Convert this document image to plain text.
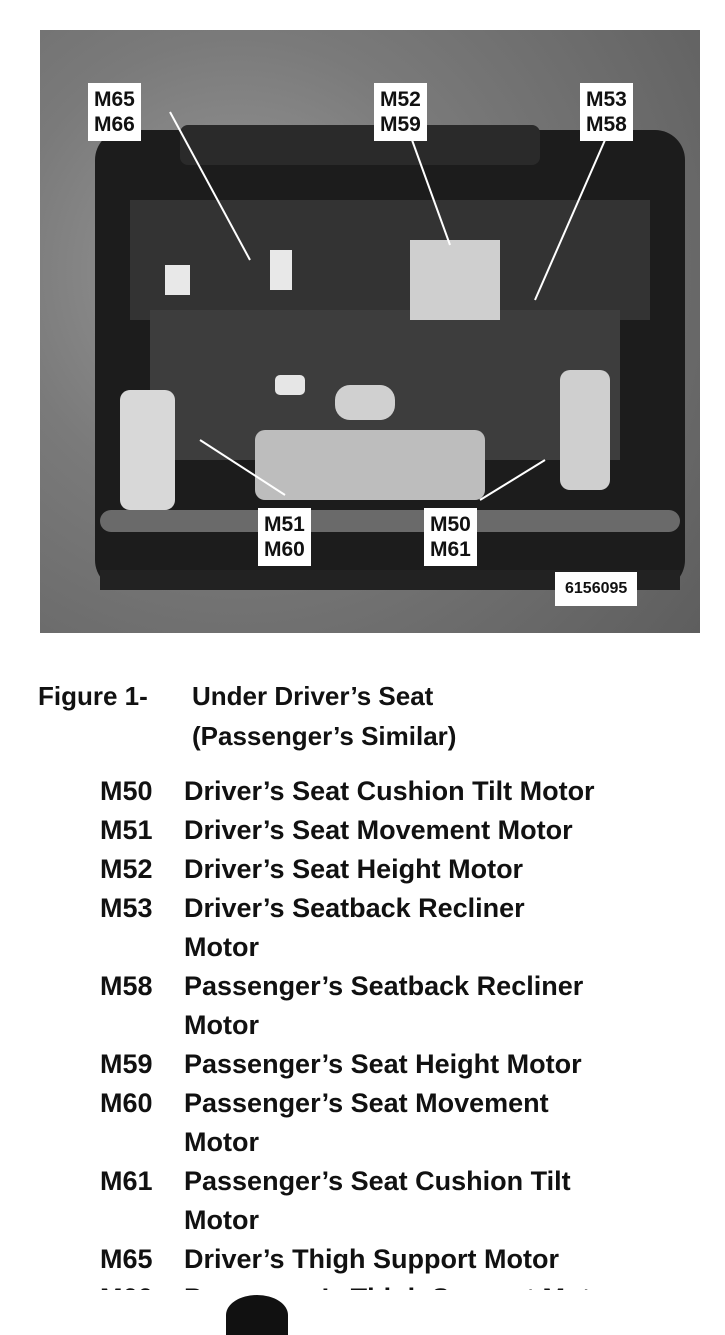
M65
M66
M52
M59
M53
M58
M51
M60
M50
M61
6156095
Figure 1- Under Driver’s Seat
(Passenger’s Similar)
M50	Driver’s Seat Cushion Tilt Motor
M51	Driver’s Seat Movement Motor
M52	Driver’s Seat Height Motor
M53	Driver’s Seatback Recliner
Motor
M58	Passenger’s Seatback Recliner
Motor
M59	Passenger’s Seat Height Motor
M60	Passenger’s Seat Movement
Motor
M61	Passenger’s Seat Cushion Tilt
Motor
M65	Driver’s Thigh Support Motor
